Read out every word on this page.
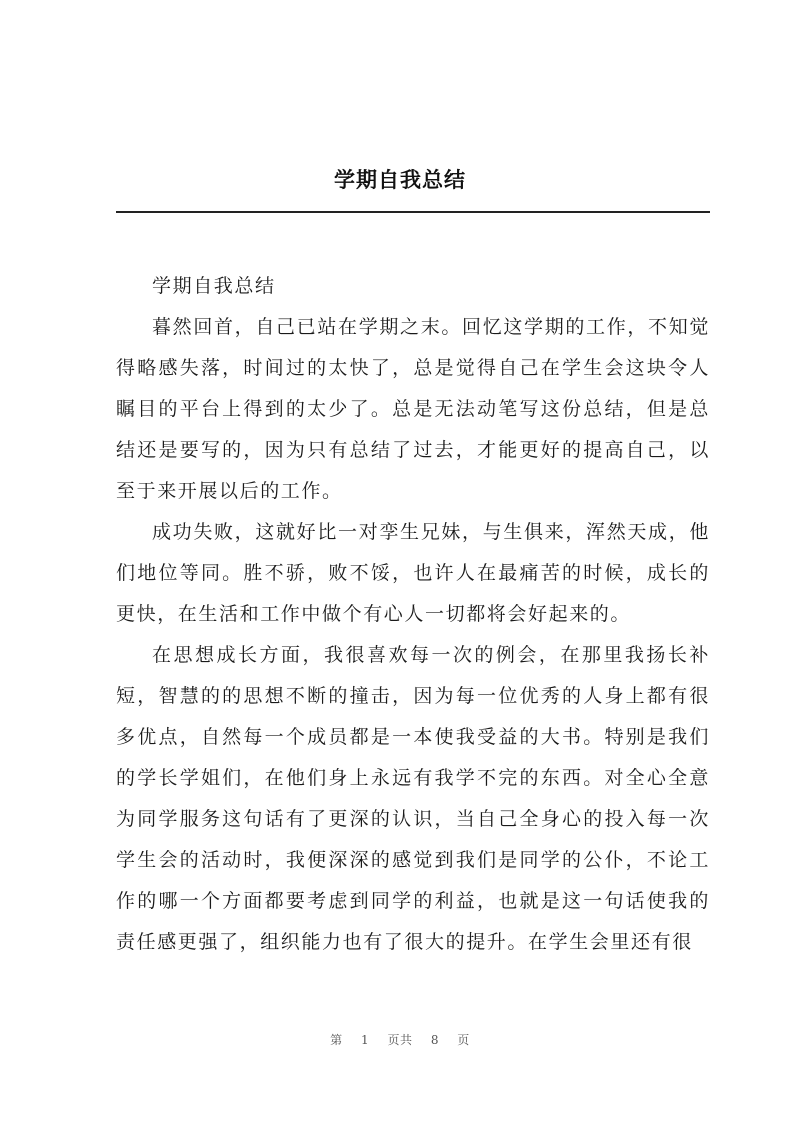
学期自我总结

学期自我总结

暮然回首，自己已站在学期之末。回忆这学期的工作，不知觉得略感失落，时间过的太快了，总是觉得自己在学生会这块令人瞩目的平台上得到的太少了。总是无法动笔写这份总结，但是总结还是要写的，因为只有总结了过去，才能更好的提高自己，以至于来开展以后的工作。

成功失败，这就好比一对孪生兄妹，与生俱来，浑然天成，他们地位等同。胜不骄，败不馁，也许人在最痛苦的时候，成长的更快，在生活和工作中做个有心人一切都将会好起来的。

在思想成长方面，我很喜欢每一次的例会，在那里我扬长补短，智慧的的思想不断的撞击，因为每一位优秀的人身上都有很多优点，自然每一个成员都是一本使我受益的大书。特别是我们的学长学姐们，在他们身上永远有我学不完的东西。对全心全意为同学服务这句话有了更深的认识，当自己全身心的投入每一次学生会的活动时，我便深深的感觉到我们是同学的公仆，不论工作的哪一个方面都要考虑到同学的利益，也就是这一句话使我的责任感更强了，组织能力也有了很大的提升。在学生会里还有很

第 1 页共 8 页
